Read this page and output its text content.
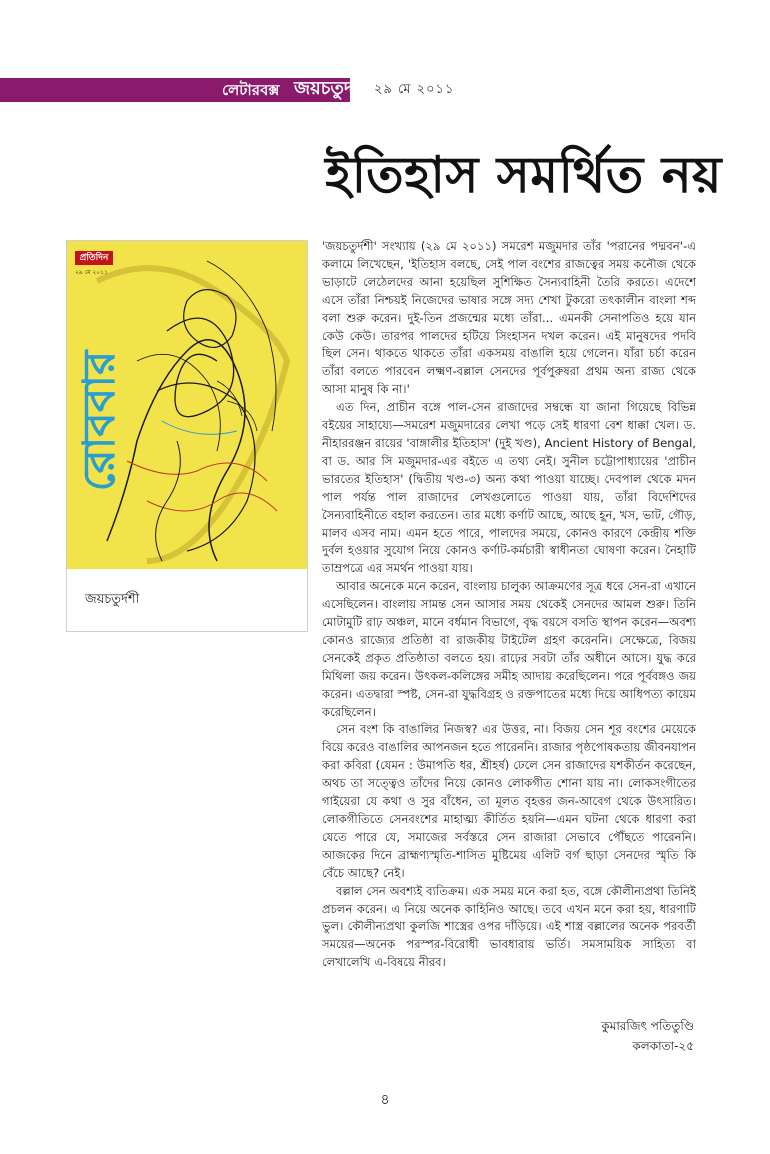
লেটারবক্স জয়চতুর্দশী ২৯ মে ২০১১
ইতিহাস সমর্থিত নয়
প্রতিদিন
২৯ মে ২০১১
রোববার
জয়চতুর্দশী

'জয়চতুর্দশী' সংখ্যায় (২৯ মে ২০১১) সমরেশ মজুমদার তাঁর 'পরানের পদ্মবন'-এ কলামে লিখেছেন, 'ইতিহাস বলছে, সেই পাল বংশের রাজত্বের সময় কনৌজ থেকে ভাড়াটে লেঠেলদের আনা হয়েছিল সুশিক্ষিত সৈন্যবাহিনী তৈরি করতে। এদেশে এসে তাঁরা নিশ্চয়ই নিজেদের ভাষার সঙ্গে সদ্য শেখা টুকরো তৎকালীন বাংলা শব্দ বলা শুরু করেন। দুই-তিন প্রজন্মের মধ্যে তাঁরা... এমনকী সেনাপতিও হয়ে যান কেউ কেউ। তারপর পালদের হটিয়ে সিংহাসন দখল করেন। এই মানুষদের পদবি ছিল সেন। থাকতে থাকতে তাঁরা একসময় বাঙালি হয়ে গেলেন। যাঁরা চর্চা করেন তাঁরা বলতে পারবেন লক্ষ্মণ-বল্লাল সেনদের পূর্বপুরুষরা প্রথম অন্য রাজ্য থেকে আসা মানুষ কি না।'

এত দিন, প্রাচীন বঙ্গে পাল-সেন রাজাদের সম্বন্ধে যা জানা গিয়েছে বিভিন্ন বইয়ের সাহায্যে—সমরেশ মজুমদারের লেখা পড়ে সেই ধারণা বেশ ধাক্কা খেল। ড. নীহাররঞ্জন রায়ের 'বাঙ্গালীর ইতিহাস' (দুই খণ্ড), Ancient History of Bengal, বা ড. আর সি মজুমদার-এর বইতে এ তথ্য নেই। সুনীল চট্টোপাধ্যায়ের 'প্রাচীন ভারতের ইতিহাস' (দ্বিতীয় খণ্ড-৩) অন্য কথা পাওয়া যাচ্ছে। দেবপাল থেকে মদন পাল পর্যন্ত পাল রাজাদের লেখগুলোতে পাওয়া যায়, তাঁরা বিদেশিদের সৈন্যবাহিনীতে বহাল করতেন। তার মধ্যে কর্ণাট আছে, আছে হূন, খস, ভাট, গৌড়, মালব এসব নাম। এমন হতে পারে, পালদের সময়ে, কোনও কারণে কেন্দ্রীয় শক্তি দুর্বল হওয়ার সুযোগ নিয়ে কোনও কর্ণাট-কর্মচারী স্বাধীনতা ঘোষণা করেন। নৈহাটি তাম্রপত্রে এর সমর্থন পাওয়া যায়।

আবার অনেকে মনে করেন, বাংলায় চালুক্য আক্রমণের সূত্র ধরে সেন-রা এখানে এসেছিলেন। বাংলায় সামন্ত সেন আসার সময় থেকেই সেনদের আমল শুরু। তিনি মোটামুটি রাঢ় অঞ্চল, মানে বর্ধমান বিভাগে, বৃদ্ধ বয়সে বসতি স্থাপন করেন—অবশ্য কোনও রাজ্যের প্রতিষ্ঠা বা রাজকীয় টাইটেল গ্রহণ করেননি। সেক্ষেত্রে, বিজয় সেনকেই প্রকৃত প্রতিষ্ঠাতা বলতে হয়। রাঢ়ের সবটা তাঁর অধীনে আসে। যুদ্ধ করে মিথিলা জয় করেন। উৎকল-কলিঙ্গের সমীহ আদায় করেছিলেন। পরে পূর্ববঙ্গও জয় করেন। এতদ্বারা স্পষ্ট, সেন-রা যুদ্ধবিগ্রহ ও রক্তপাতের মধ্যে দিয়ে আধিপত্য কায়েম করেছিলেন।

সেন বংশ কি বাঙালির নিজস্ব? এর উত্তর, না। বিজয় সেন শূর বংশের মেয়েকে বিয়ে করেও বাঙালির আপনজন হতে পারেননি। রাজার পৃষ্ঠপোষকতায় জীবনযাপন করা কবিরা (যেমন : উমাপতি ধর, শ্রীহর্ষ) ঢেলে সেন রাজাদের যশকীর্তন করেছেন, অথচ তা সত্ত্বেও তাঁদের নিয়ে কোনও লোকগীত শোনা যায় না। লোকসংগীতের গাইয়েরা যে কথা ও সুর বাঁধেন, তা মূলত বৃহত্তর জন-আবেগ থেকে উৎসারিত। লোকগীতিতে সেনবংশের মাহাত্ম্য কীর্তিত হয়নি—এমন ঘটনা থেকে ধারণা করা যেতে পারে যে, সমাজের সর্বস্তরে সেন রাজারা সেভাবে পৌঁছতে পারেননি। আজকের দিনে ব্রাহ্মণ্যস্মৃতি-শাসিত মুষ্টিমেয় এলিট বর্গ ছাড়া সেনদের স্মৃতি কি বেঁচে আছে? নেই।

বল্লাল সেন অবশ্যই ব্যতিক্রম। এক সময় মনে করা হত, বঙ্গে কৌলীন্যপ্রথা তিনিই প্রচলন করেন। এ নিয়ে অনেক কাহিনিও আছে। তবে এখন মনে করা হয়, ধারণাটি ভুল। কৌলীন্যপ্রথা কুলজি শাস্ত্রের ওপর দাঁড়িয়ে। এই শাস্ত্র বল্লালের অনেক পরবর্তী সময়ের—অনেক পরস্পর-বিরোধী ভাবধারায় ভর্তি। সমসাময়িক সাহিত্য বা লেখালেখি এ-বিষয়ে নীরব।

কুমারজিৎ পতিতুণ্ডি
কলকাতা-২৫
৪
